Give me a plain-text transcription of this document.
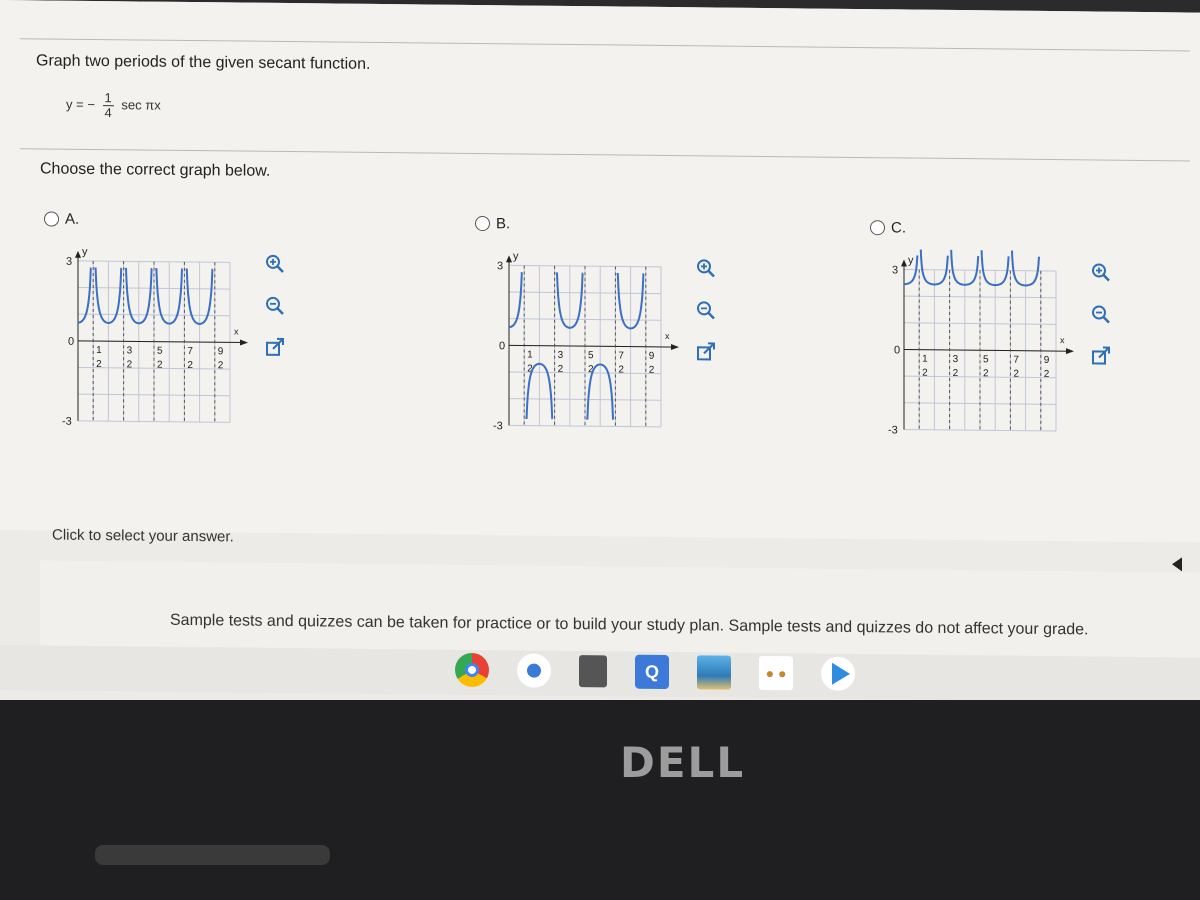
Graph two periods of the given secant function.
y = − $\frac{1}{4}$ sec πx
Choose the correct graph below.
A.
y
x
3
-3
0
1
2
3
2
5
2
7
2
9
2
B.
y
x
3
-3
0
1
2
3
2
5
2
7
2
9
2
C.
y
x
3
-3
0
1
2
3
2
5
2
7
2
9
2
Click to select your answer.
Sample tests and quizzes can be taken for practice or to build your study plan. Sample tests and quizzes do not affect your grade.
Q	● ●
DELL
